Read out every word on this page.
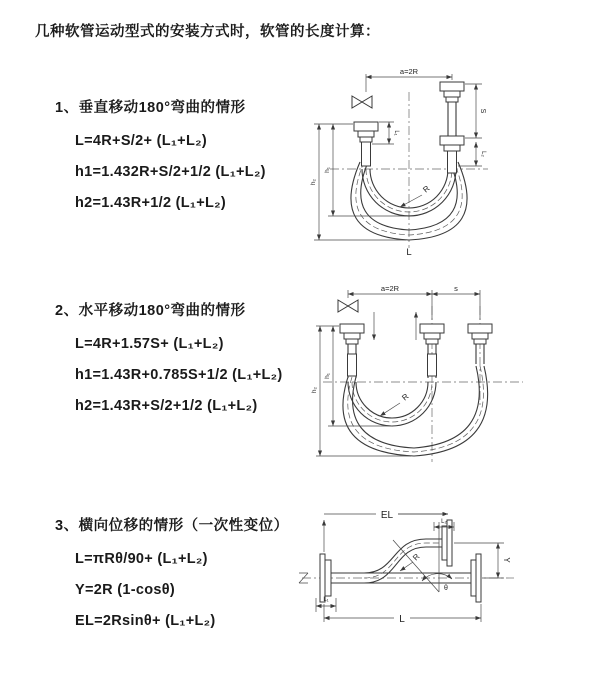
几种软管运动型式的安装方式时，软管的长度计算：
1、垂直移动180°弯曲的情形
L=4R+S/2+ (L₁+L₂)
h1=1.432R+S/2+1/2 (L₁+L₂)
h2=1.43R+1/2 (L₁+L₂)
a=2R
S
L₂
L₁
h₂
h₁
R
L
2、水平移动180°弯曲的情形
L=4R+1.57S+ (L₁+L₂)
h1=1.43R+0.785S+1/2 (L₁+L₂)
h2=1.43R+S/2+1/2 (L₁+L₂)
a=2R	s
h₂
h₁
R
3、横向位移的情形（一次性变位）
L=πRθ/90+ (L₁+L₂)
Y=2R (1-cosθ)
EL=2Rsinθ+ (L₁+L₂)
θ
EL
L₂
Y
L
L₁
R
